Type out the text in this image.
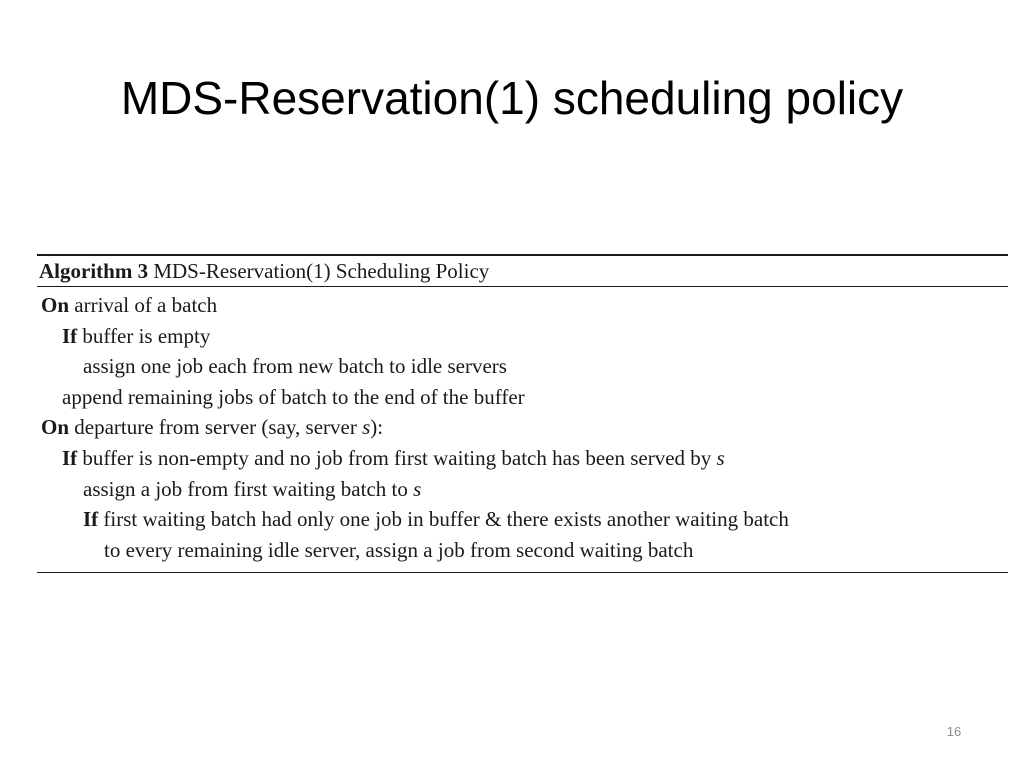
MDS-Reservation(1) scheduling policy
Algorithm 3 MDS-Reservation(1) Scheduling Policy
On arrival of a batch
If buffer is empty
assign one job each from new batch to idle servers
append remaining jobs of batch to the end of the buffer
On departure from server (say, server s):
If buffer is non-empty and no job from first waiting batch has been served by s
assign a job from first waiting batch to s
If first waiting batch had only one job in buffer & there exists another waiting batch
to every remaining idle server, assign a job from second waiting batch
16
